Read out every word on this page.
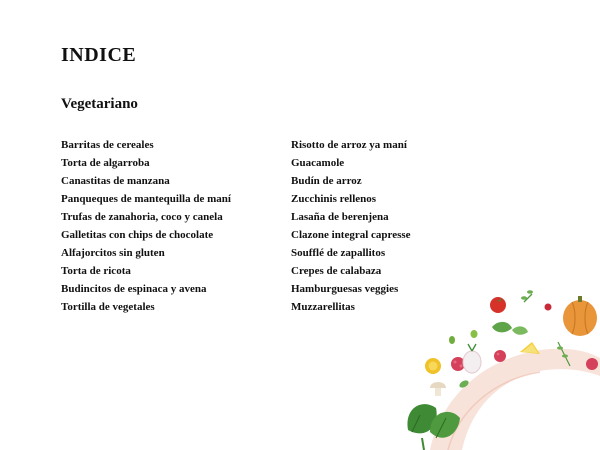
INDICE
Vegetariano
Barritas de cereales
Torta de algarroba
Canastitas de manzana
Panqueques de mantequilla de maní
Trufas de zanahoria, coco y canela
Galletitas con chips de chocolate
Alfajorcitos sin gluten
Torta de ricota
Budincitos de espinaca y avena
Tortilla de vegetales
Risotto de arroz ya maní
Guacamole
Budín de arroz
Zucchinis rellenos
Lasaña de berenjena
Clazone integral capresse
Soufflé de zapallitos
Crepes de calabaza
Hamburguesas veggies
Muzzarellitas
